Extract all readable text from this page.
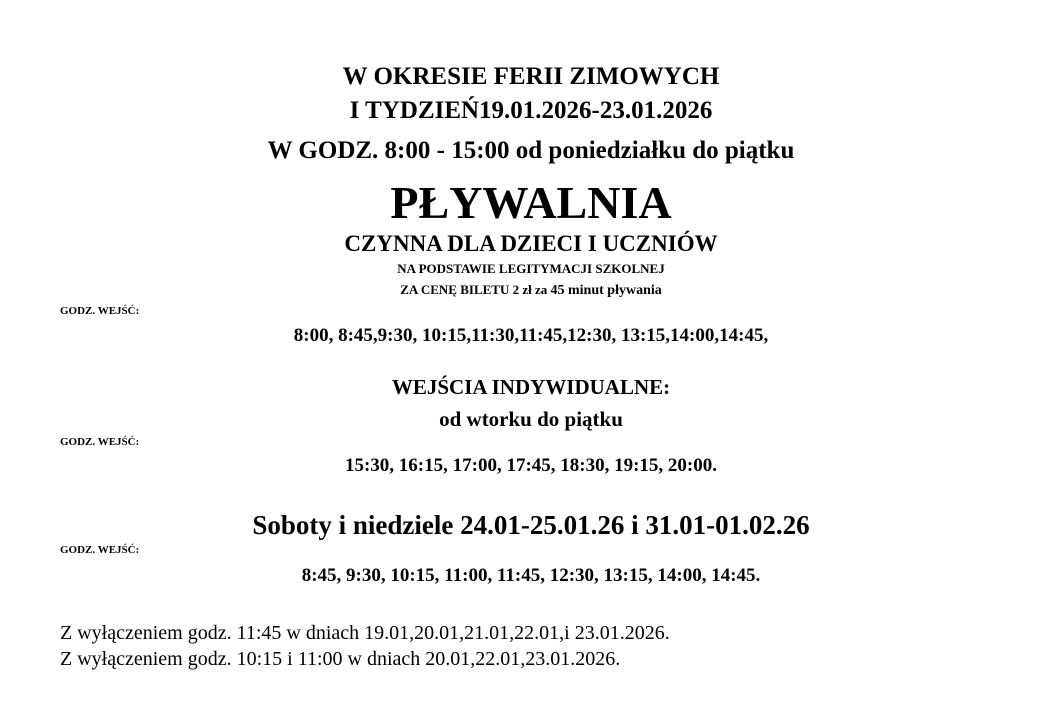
W OKRESIE FERII ZIMOWYCH
I TYDZIEŃ19.01.2026-23.01.2026
W GODZ. 8:00 - 15:00 od poniedziałku do piątku
PŁYWALNIA
CZYNNA DLA DZIECI I UCZNIÓW
NA PODSTAWIE LEGITYMACJI SZKOLNEJ
ZA CENĘ BILETU 2 zł za 45 minut pływania
GODZ. WEJŚĆ:
8:00, 8:45,9:30, 10:15,11:30,11:45,12:30, 13:15,14:00,14:45,
WEJŚCIA INDYWIDUALNE:
od wtorku do piątku
GODZ. WEJŚĆ:
15:30, 16:15, 17:00, 17:45, 18:30, 19:15, 20:00.
Soboty i niedziele 24.01-25.01.26 i 31.01-01.02.26
GODZ. WEJŚĆ:
8:45, 9:30, 10:15, 11:00, 11:45, 12:30, 13:15, 14:00, 14:45.
Z wyłączeniem godz. 11:45 w dniach 19.01,20.01,21.01,22.01,i 23.01.2026.
Z wyłączeniem godz. 10:15 i 11:00 w dniach 20.01,22.01,23.01.2026.
